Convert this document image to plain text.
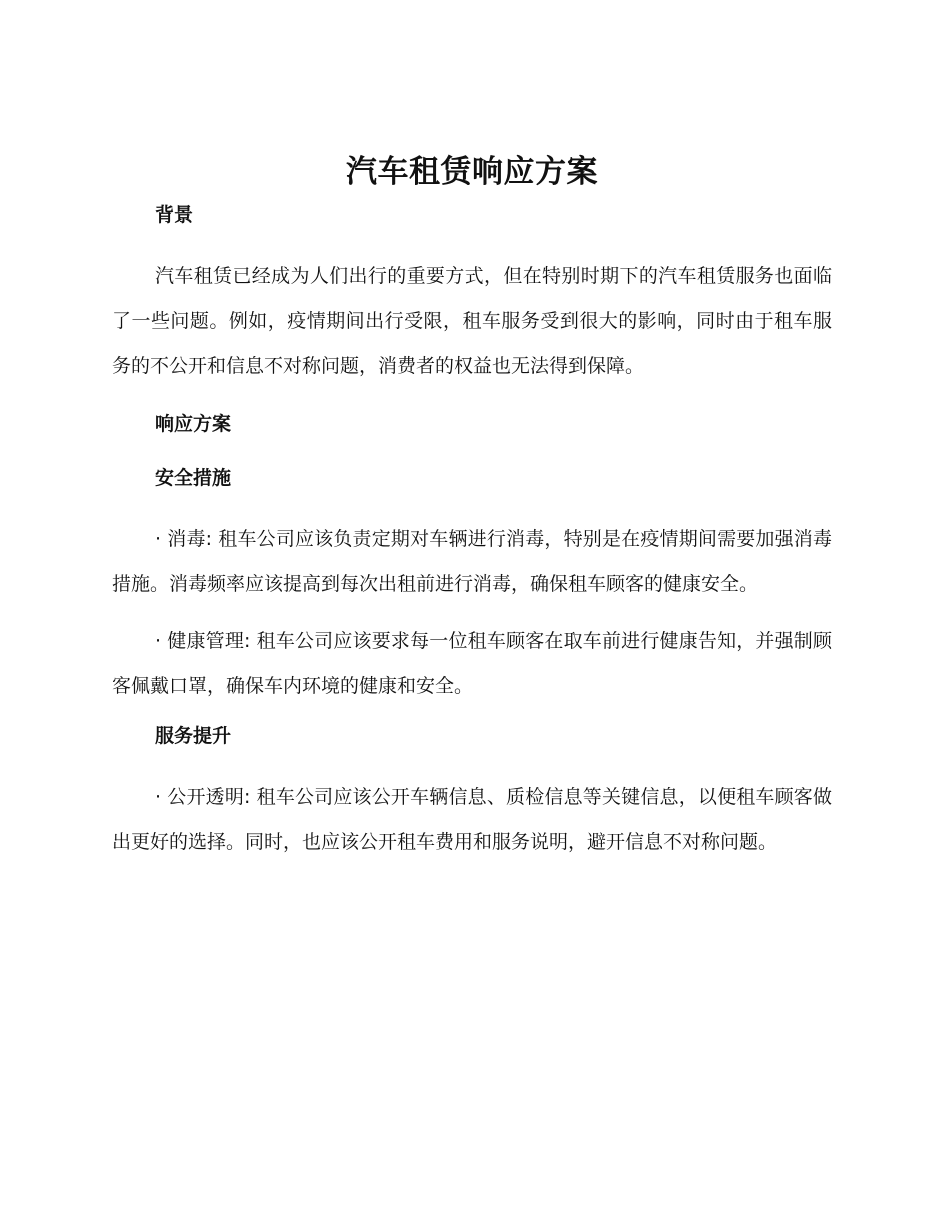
汽车租赁响应方案
背景

汽车租赁已经成为人们出行的重要方式，但在特别时期下的汽车租赁服务也面临了一些问题。例如，疫情期间出行受限，租车服务受到很大的影响，同时由于租车服务的不公开和信息不对称问题，消费者的权益也无法得到保障。

响应方案
安全措施

· 消毒: 租车公司应该负责定期对车辆进行消毒，特别是在疫情期间需要加强消毒措施。消毒频率应该提高到每次出租前进行消毒，确保租车顾客的健康安全。

· 健康管理: 租车公司应该要求每一位租车顾客在取车前进行健康告知，并强制顾客佩戴口罩，确保车内环境的健康和安全。

服务提升

· 公开透明: 租车公司应该公开车辆信息、质检信息等关键信息，以便租车顾客做出更好的选择。同时，也应该公开租车费用和服务说明，避开信息不对称问题。
